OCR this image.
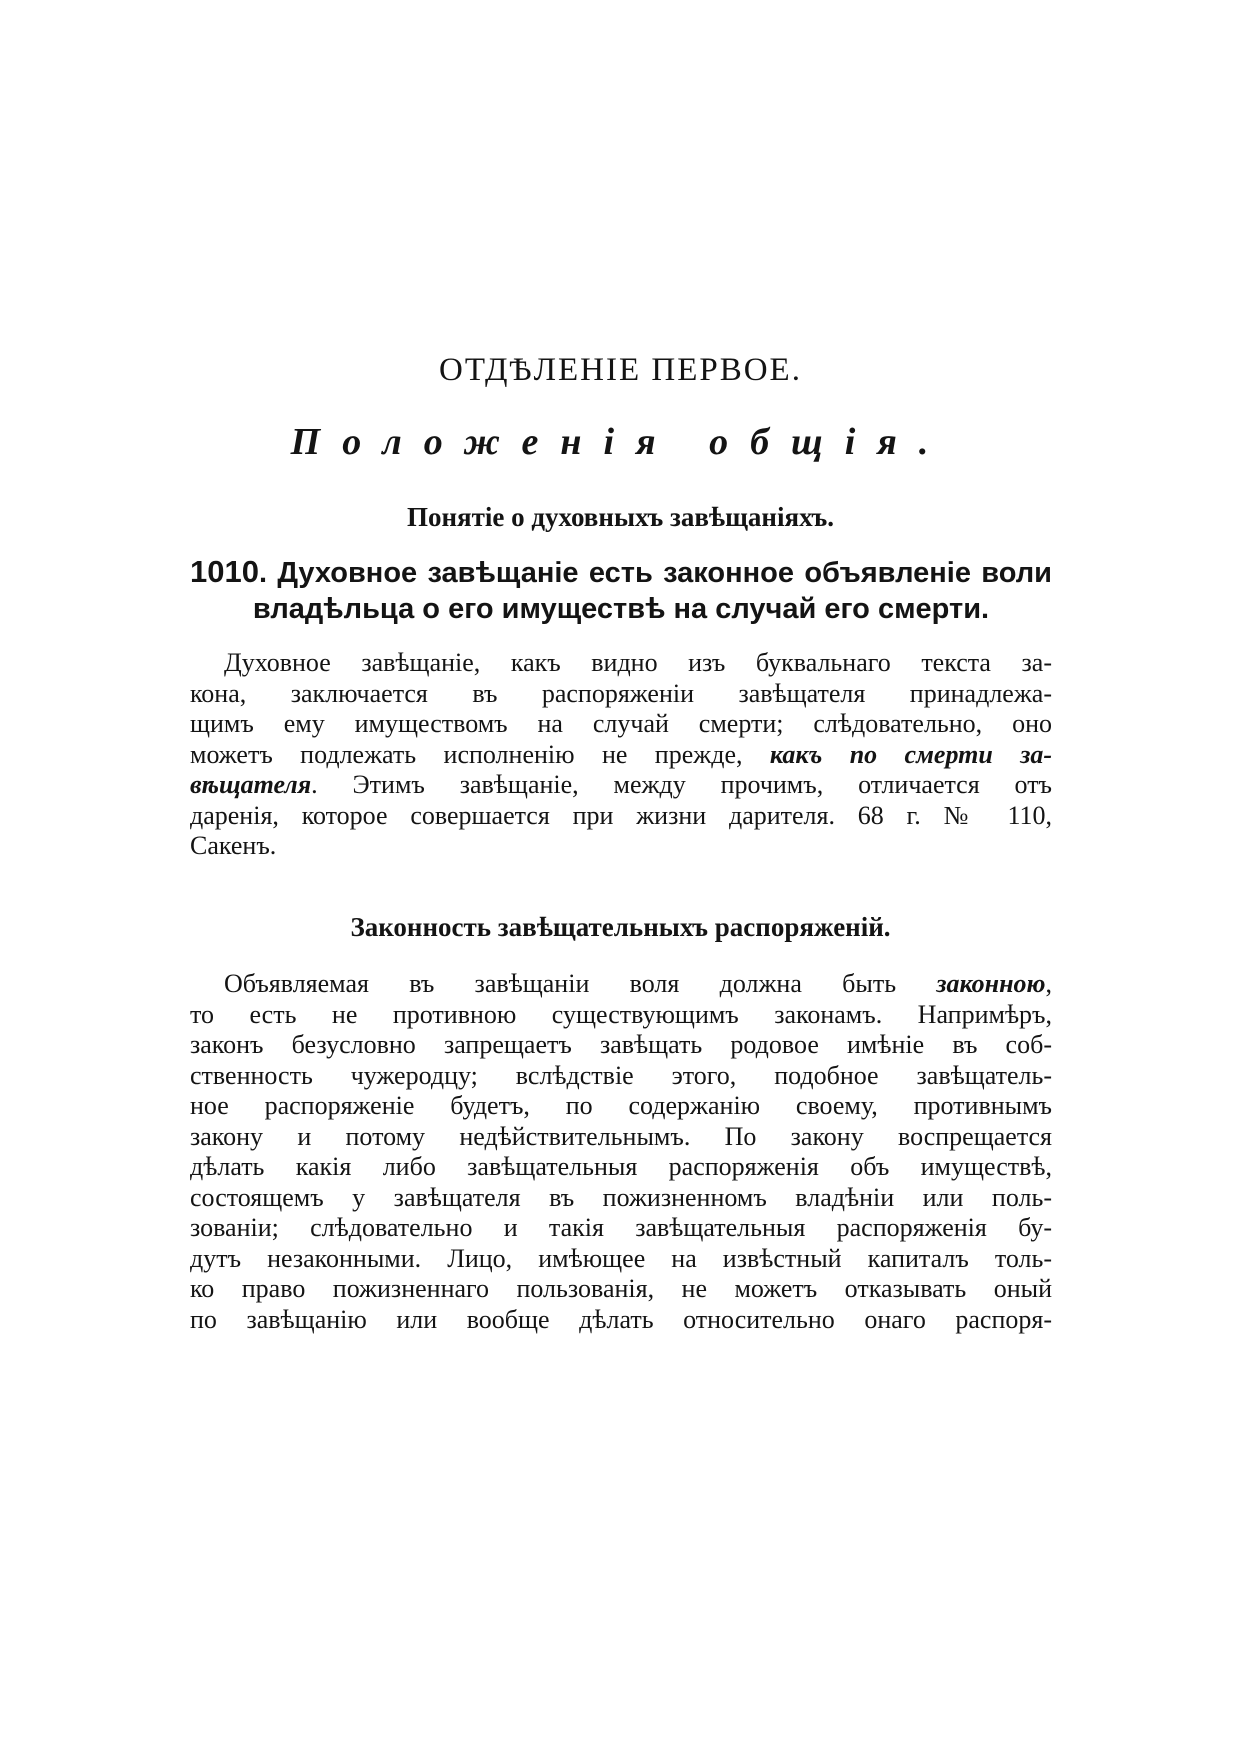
ОТДѢЛЕНІЕ ПЕРВОЕ.
Положенія общія.
Понятіе о духовныхъ завѣщаніяхъ.

1010. Духовное завѣщаніе есть законное объявленіе воли
владѣльца о его имуществѣ на случай его смерти.

Духовное завѣщаніе, какъ видно изъ буквальнаго текста за-
кона, заключается въ распоряженіи завѣщателя принадлежа-
щимъ ему имуществомъ на случай смерти; слѣдовательно, оно
можетъ подлежать исполненію не прежде, какъ по смерти за-
вѣщателя. Этимъ завѣщаніе, между прочимъ, отличается отъ
даренія, которое совершается при жизни дарителя. 68 г. № 110,
Сакенъ.

Законность завѣщательныхъ распоряженій.

Объявляемая въ завѣщаніи воля должна быть законною,
то есть не противною существующимъ законамъ. Напримѣръ,
законъ безусловно запрещаетъ завѣщать родовое имѣніе въ соб-
ственность чужеродцу; вслѣдствіе этого, подобное завѣщатель-
ное распоряженіе будетъ, по содержанію своему, противнымъ
закону и потому недѣйствительнымъ. По закону воспрещается
дѣлать какія либо завѣщательныя распоряженія объ имуществѣ,
состоящемъ у завѣщателя въ пожизненномъ владѣніи или поль-
зованіи; слѣдовательно и такія завѣщательныя распоряженія бу-
дутъ незаконными. Лицо, имѣющее на извѣстный капиталъ толь-
ко право пожизненнаго пользованія, не можетъ отказывать оный
по завѣщанію или вообще дѣлать относительно онаго распоря-
